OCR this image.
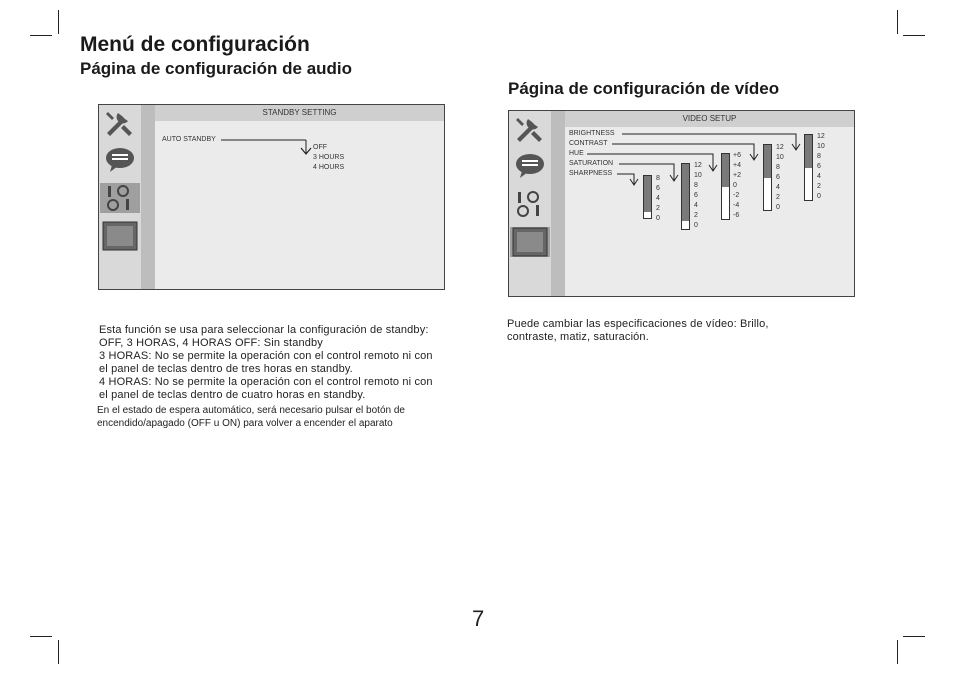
Menú de configuración
Página de configuración de audio
Página de configuración de vídeo
STANDBY SETTING
AUTO STANDBY
OFF
3 HOURS
4 HOURS
Esta función se usa para seleccionar la configuración de standby:
OFF, 3 HORAS, 4 HORAS OFF: Sin standby
3 HORAS: No se permite la operación con el control remoto ni con
el panel de teclas dentro de tres horas en standby.
4 HORAS: No se permite la operación con el control remoto ni con
el panel de teclas dentro de cuatro horas en standby.
En el estado de espera automático, será necesario pulsar el botón de
encendido/apagado (OFF u ON) para volver a encender el aparato
VIDEO SETUP
BRIGHTNESS
CONTRAST
HUE
SATURATION
SHARPNESS
8
6
4
2
0
12
10
8
6
4
2
0
+6
+4
+2
0
-2
-4
-6
12
10
8
6
4
2
0
12
10
8
6
4
2
0
Puede cambiar las especificaciones de vídeo: Brillo,
contraste, matiz, saturación.
7
